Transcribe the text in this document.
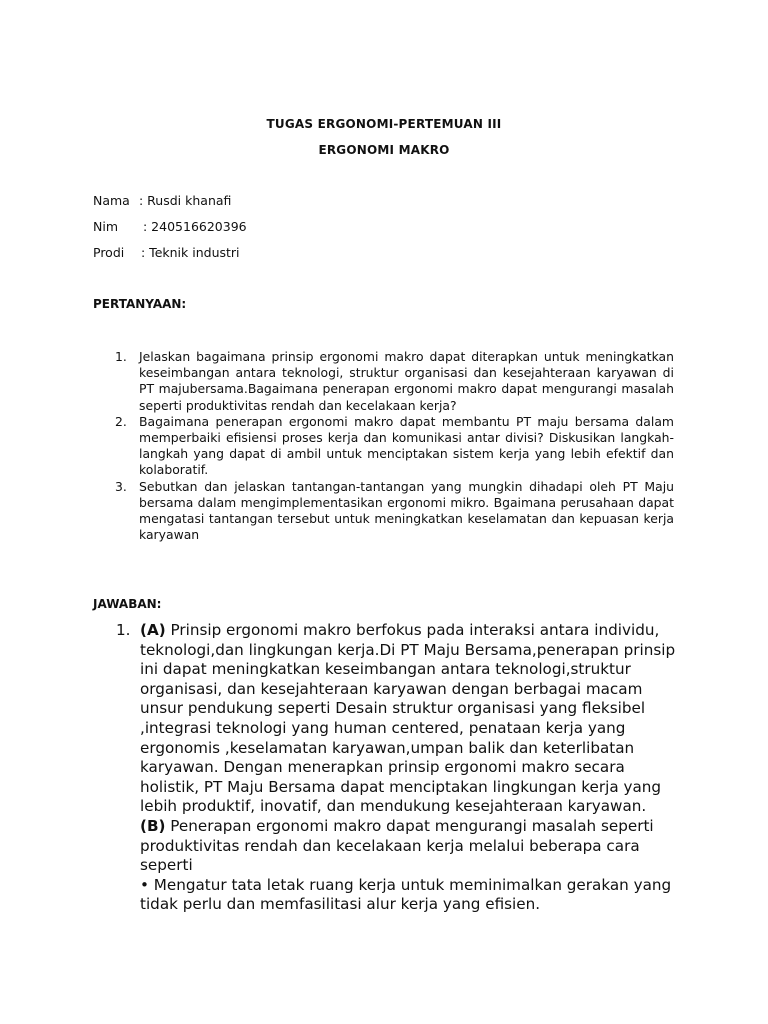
TUGAS ERGONOMI-PERTEMUAN III
ERGONOMI MAKRO
Nama : Rusdi khanafi
Nim : 240516620396
Prodi : Teknik industri
PERTANYAAN:
1. Jelaskan bagaimana prinsip ergonomi makro dapat diterapkan untuk meningkatkan keseimbangan antara teknologi, struktur organisasi dan kesejahteraan karyawan di PT majubersama.Bagaimana penerapan ergonomi makro dapat mengurangi masalah seperti produktivitas rendah dan kecelakaan kerja?
2. Bagaimana penerapan ergonomi makro dapat membantu PT maju bersama dalam memperbaiki efisiensi proses kerja dan komunikasi antar divisi? Diskusikan langkah-langkah yang dapat di ambil untuk menciptakan sistem kerja yang lebih efektif dan kolaboratif.
3. Sebutkan dan jelaskan tantangan-tantangan yang mungkin dihadapi oleh PT Maju bersama dalam mengimplementasikan ergonomi mikro. Bgaimana perusahaan dapat mengatasi tantangan tersebut untuk meningkatkan keselamatan dan kepuasan kerja karyawan
JAWABAN:
1. (A) Prinsip ergonomi makro berfokus pada interaksi antara individu, teknologi,dan lingkungan kerja.Di PT Maju Bersama,penerapan prinsip ini dapat meningkatkan keseimbangan antara teknologi,struktur organisasi, dan kesejahteraan karyawan dengan berbagai macam unsur pendukung seperti Desain struktur organisasi yang fleksibel ,integrasi teknologi yang human centered, penataan kerja yang ergonomis ,keselamatan karyawan,umpan balik dan keterlibatan karyawan. Dengan menerapkan prinsip ergonomi makro secara holistik, PT Maju Bersama dapat menciptakan lingkungan kerja yang lebih produktif, inovatif, dan mendukung kesejahteraan karyawan.

(B) Penerapan ergonomi makro dapat mengurangi masalah seperti produktivitas rendah dan kecelakaan kerja melalui beberapa cara seperti

• Mengatur tata letak ruang kerja untuk meminimalkan gerakan yang tidak perlu dan memfasilitasi alur kerja yang efisien.
